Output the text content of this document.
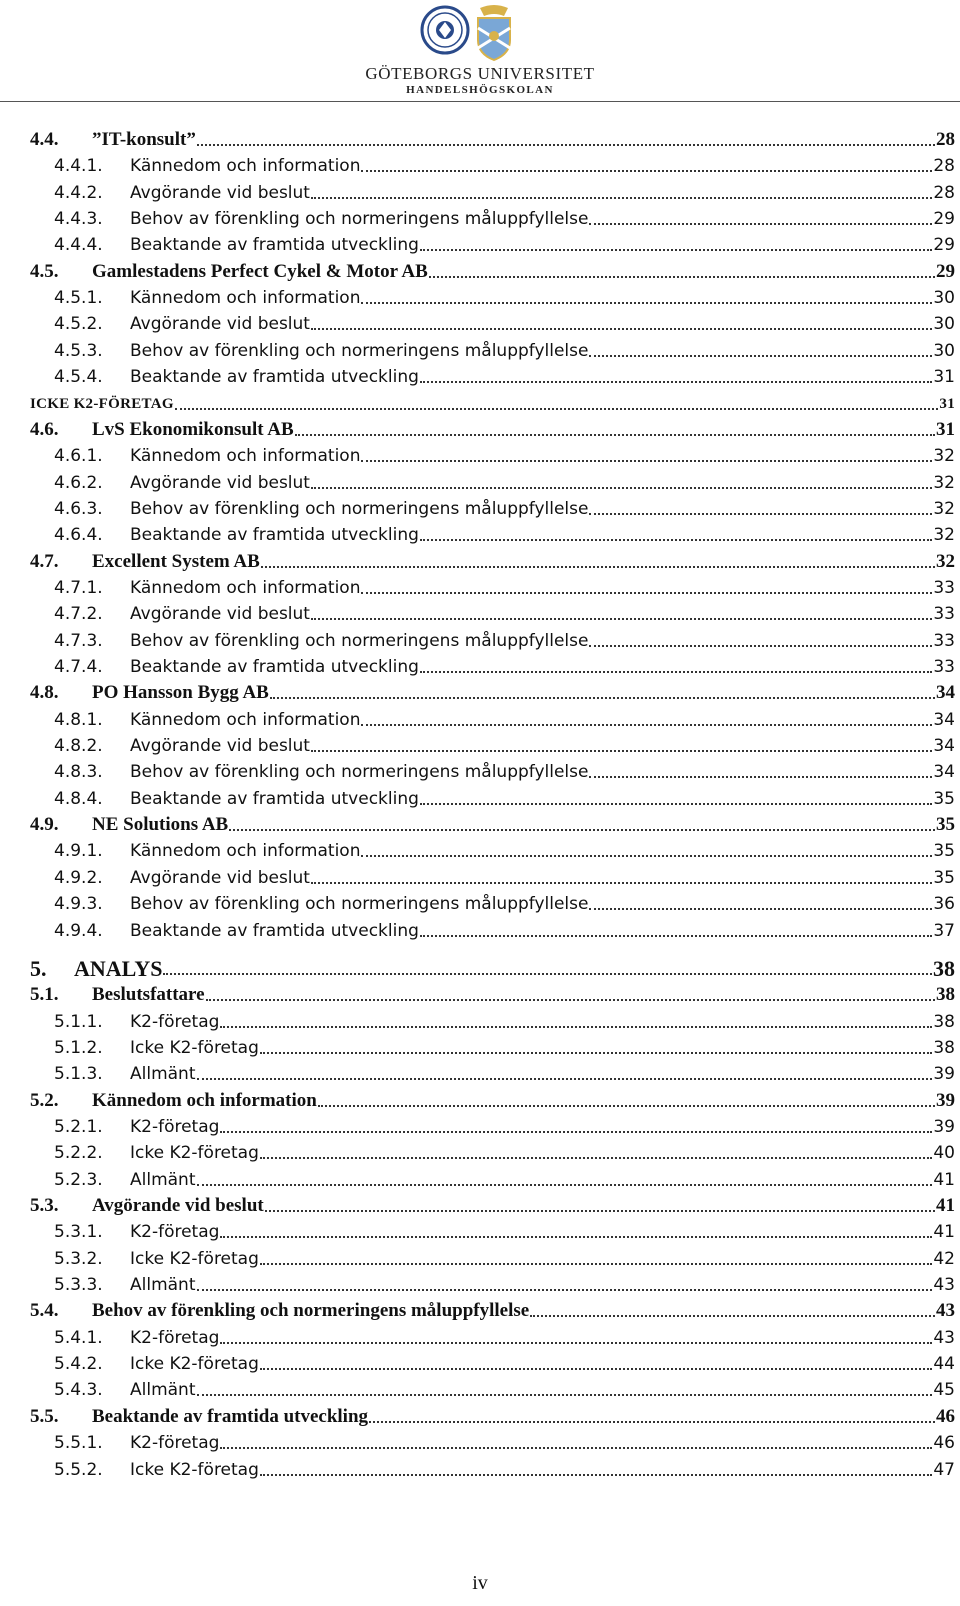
GÖTEBORGS UNIVERSITET
HANDELSHÖGSKOLAN
4.4.	”IT-konsult”	28
4.4.1.	Kännedom och information	28
4.4.2.	Avgörande vid beslut	28
4.4.3.	Behov av förenkling och normeringens måluppfyllelse	29
4.4.4.	Beaktande av framtida utveckling	29
4.5.	Gamlestadens Perfect Cykel & Motor AB	29
4.5.1.	Kännedom och information	30
4.5.2.	Avgörande vid beslut	30
4.5.3.	Behov av förenkling och normeringens måluppfyllelse	30
4.5.4.	Beaktande av framtida utveckling	31
ICKE K2-FÖRETAG	31
4.6.	LvS Ekonomikonsult AB	31
4.6.1.	Kännedom och information	32
4.6.2.	Avgörande vid beslut	32
4.6.3.	Behov av förenkling och normeringens måluppfyllelse	32
4.6.4.	Beaktande av framtida utveckling	32
4.7.	Excellent System AB	32
4.7.1.	Kännedom och information	33
4.7.2.	Avgörande vid beslut	33
4.7.3.	Behov av förenkling och normeringens måluppfyllelse	33
4.7.4.	Beaktande av framtida utveckling	33
4.8.	PO Hansson Bygg AB	34
4.8.1.	Kännedom och information	34
4.8.2.	Avgörande vid beslut	34
4.8.3.	Behov av förenkling och normeringens måluppfyllelse	34
4.8.4.	Beaktande av framtida utveckling	35
4.9.	NE Solutions AB	35
4.9.1.	Kännedom och information	35
4.9.2.	Avgörande vid beslut	35
4.9.3.	Behov av förenkling och normeringens måluppfyllelse	36
4.9.4.	Beaktande av framtida utveckling	37
5.	ANALYS	38
5.1.	Beslutsfattare	38
5.1.1.	K2-företag	38
5.1.2.	Icke K2-företag	38
5.1.3.	Allmänt	39
5.2.	Kännedom och information	39
5.2.1.	K2-företag	39
5.2.2.	Icke K2-företag	40
5.2.3.	Allmänt	41
5.3.	Avgörande vid beslut	41
5.3.1.	K2-företag	41
5.3.2.	Icke K2-företag	42
5.3.3.	Allmänt	43
5.4.	Behov av förenkling och normeringens måluppfyllelse	43
5.4.1.	K2-företag	43
5.4.2.	Icke K2-företag	44
5.4.3.	Allmänt	45
5.5.	Beaktande av framtida utveckling	46
5.5.1.	K2-företag	46
5.5.2.	Icke K2-företag	47
iv
